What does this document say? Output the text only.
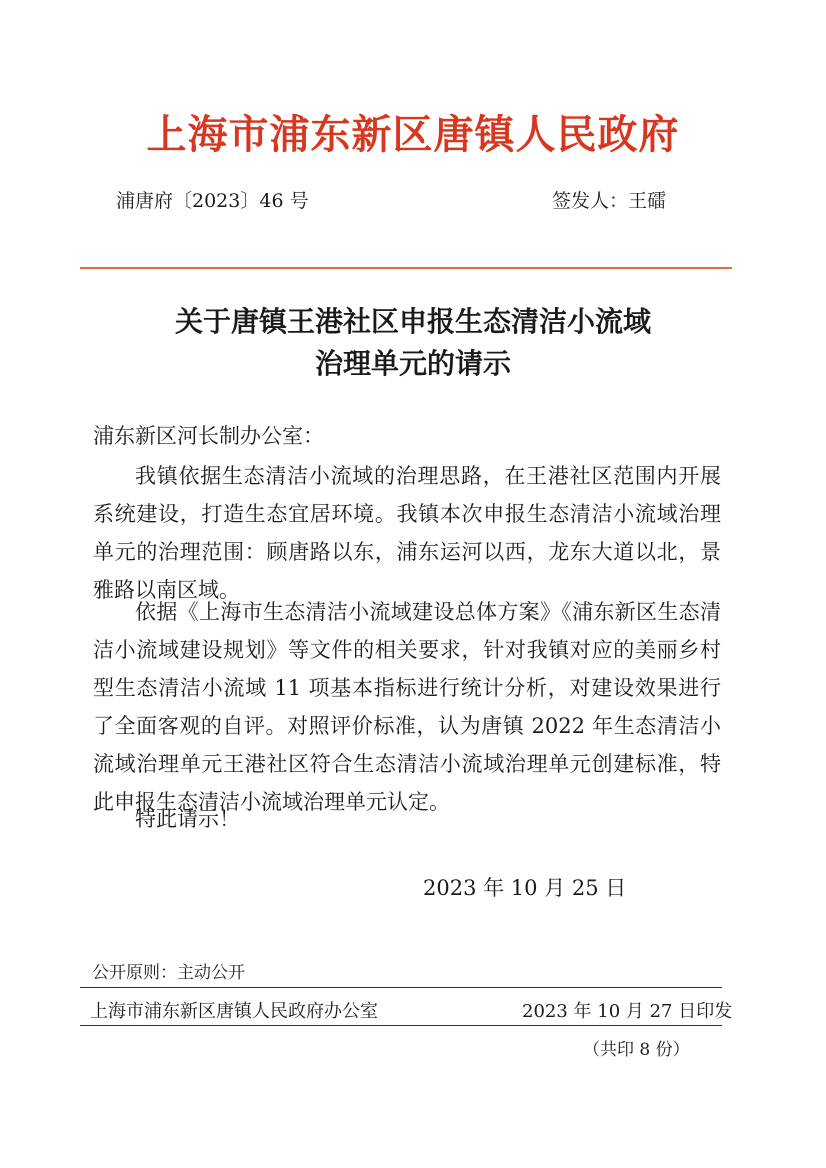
上海市浦东新区唐镇人民政府
浦唐府〔2023〕46 号	签发人：王礌
关于唐镇王港社区申报生态清洁小流域
治理单元的请示
浦东新区河长制办公室：
我镇依据生态清洁小流域的治理思路，在王港社区范围内开展系统建设，打造生态宜居环境。我镇本次申报生态清洁小流域治理单元的治理范围：顾唐路以东，浦东运河以西，龙东大道以北，景雅路以南区域。
依据《上海市生态清洁小流域建设总体方案》《浦东新区生态清洁小流域建设规划》等文件的相关要求，针对我镇对应的美丽乡村型生态清洁小流域 11 项基本指标进行统计分析，对建设效果进行了全面客观的自评。对照评价标准，认为唐镇 2022 年生态清洁小流域治理单元王港社区符合生态清洁小流域治理单元创建标准，特此申报生态清洁小流域治理单元认定。
特此请示！
2023 年 10 月 25 日
公开原则：主动公开
上海市浦东新区唐镇人民政府办公室	2023 年 10 月 27 日印发
（共印 8 份）
